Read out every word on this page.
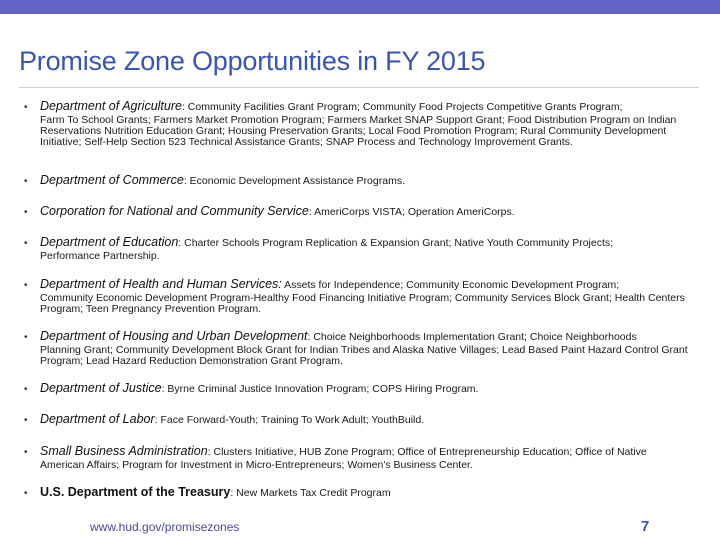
Promise Zone Opportunities in FY 2015
• Department of Agriculture: Community Facilities Grant Program; Community Food Projects Competitive Grants Program;
Farm To School Grants; Farmers Market Promotion Program; Farmers Market SNAP Support Grant; Food Distribution Program on Indian Reservations Nutrition Education Grant; Housing Preservation Grants; Local Food Promotion Program; Rural Community Development Initiative; Self-Help Section 523 Technical Assistance Grants; SNAP Process and Technology Improvement Grants.
• Department of Commerce: Economic Development Assistance Programs.
• Corporation for National and Community Service: AmeriCorps VISTA; Operation AmeriCorps.
• Department of Education: Charter Schools Program Replication & Expansion Grant; Native Youth Community Projects;
Performance Partnership.
• Department of Health and Human Services: Assets for Independence; Community Economic Development Program;
Community Economic Development Program-Healthy Food Financing Initiative Program; Community Services Block Grant; Health Centers Program; Teen Pregnancy Prevention Program.
• Department of Housing and Urban Development: Choice Neighborhoods Implementation Grant; Choice Neighborhoods
Planning Grant; Community Development Block Grant for Indian Tribes and Alaska Native Villages; Lead Based Paint Hazard Control Grant Program; Lead Hazard Reduction Demonstration Grant Program.
• Department of Justice: Byrne Criminal Justice Innovation Program; COPS Hiring Program.
• Department of Labor: Face Forward-Youth; Training To Work Adult; YouthBuild.
• Small Business Administration: Clusters Initiative, HUB Zone Program; Office of Entrepreneurship Education; Office of Native
American Affairs; Program for Investment in Micro-Entrepreneurs; Women's Business Center.
• U.S. Department of the Treasury: New Markets Tax Credit Program
www.hud.gov/promisezones	7
